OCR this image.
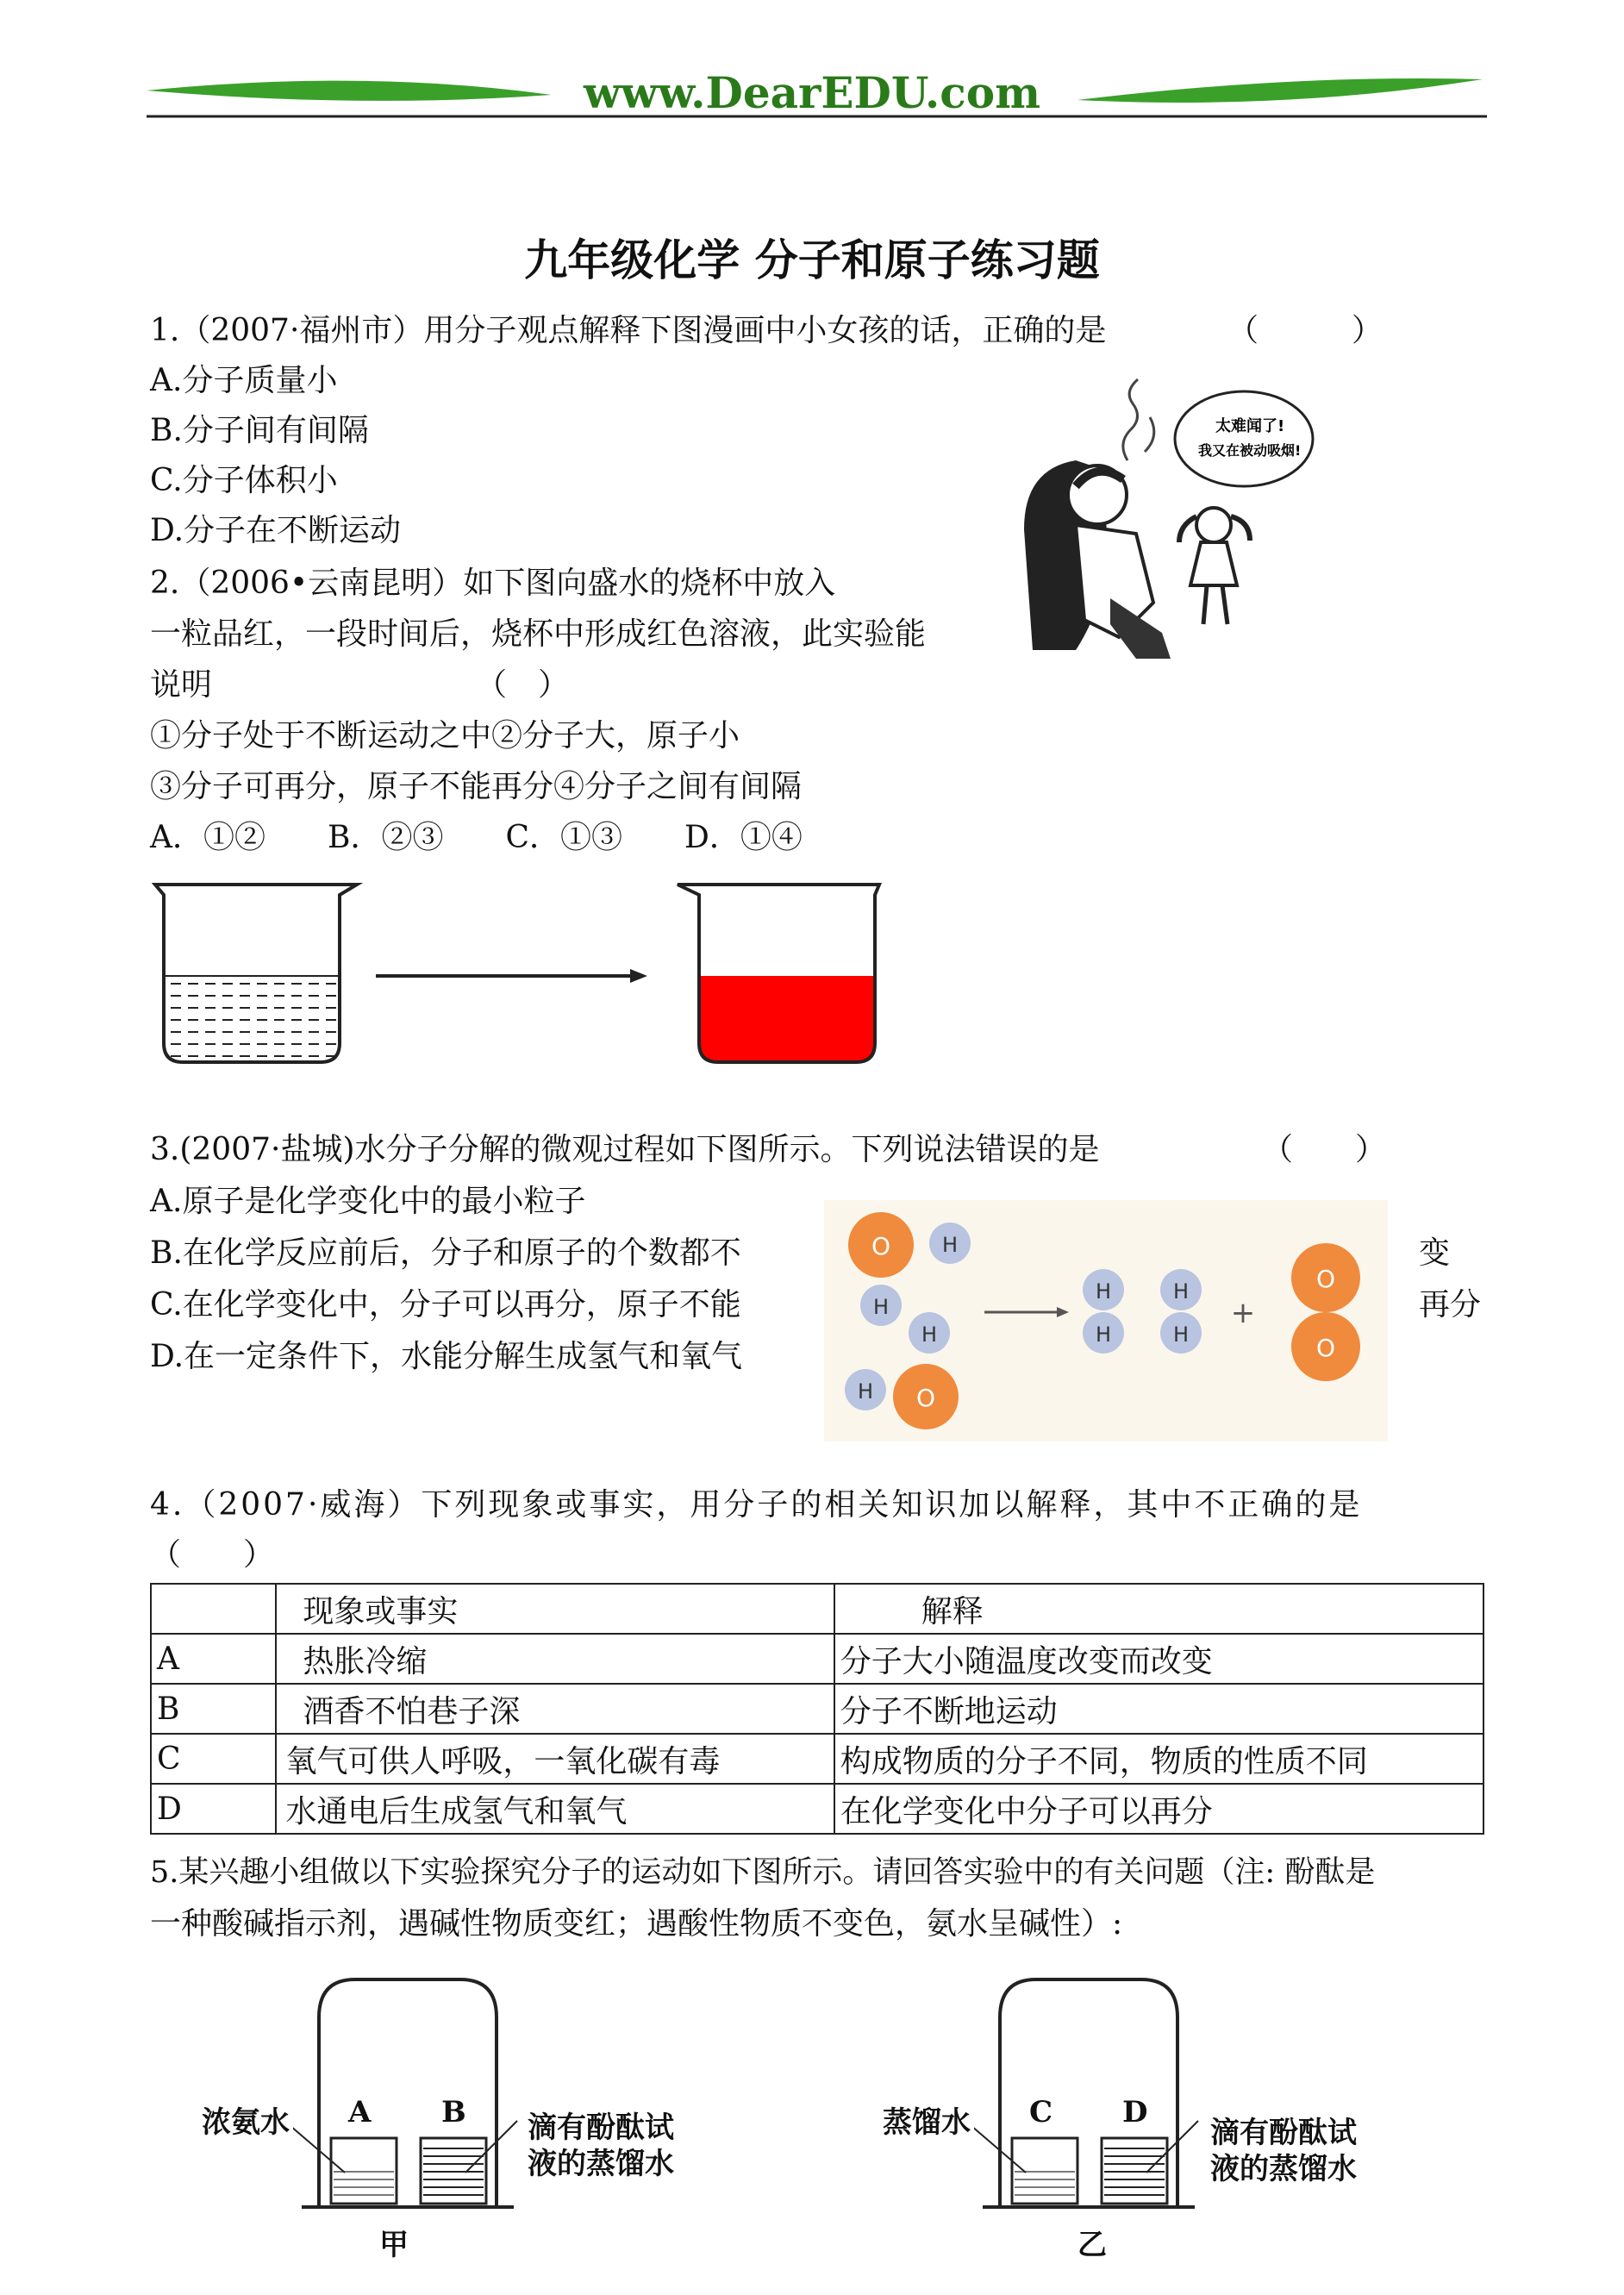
www.DearEDU.com
九年级化学 分子和原子练习题
1.（2007·福州市）用分子观点解释下图漫画中小女孩的话，正确的是	（　　　）
A.分子质量小
B.分子间有间隔
C.分子体积小
D.分子在不断运动
太难闻了!
我又在被动吸烟!
2.（2006•云南昆明）如下图向盛水的烧杯中放入
一粒品红，一段时间后，烧杯中形成红色溶液，此实验能
说明　　　　　　　　　（　）
①分子处于不断运动之中②分子大，原子小
③分子可再分，原子不能再分④分子之间有间隔
A．①②　　B．②③　　C．①③　　D．①④
3.(2007·盐城)水分子分解的微观过程如下图所示。下列说法错误的是	（　　）
A.原子是化学变化中的最小粒子
B.在化学反应前后，分子和原子的个数都不
C.在化学变化中，分子可以再分，原子不能
D.在一定条件下，水能分解生成氢气和氧气
变
再分
O H
H
H
H O
H
H
H
H
+
O
O
4.（2007·威海）下列现象或事实，用分子的相关知识加以解释，其中不正确的是
（　　）
	现象或事实	解释
A	热胀冷缩	分子大小随温度改变而改变
B	酒香不怕巷子深	分子不断地运动
C	氧气可供人呼吸，一氧化碳有毒	构成物质的分子不同，物质的性质不同
D	水通电后生成氢气和氧气	在化学变化中分子可以再分
5.某兴趣小组做以下实验探究分子的运动如下图所示。请回答实验中的有关问题（注: 酚酞是
一种酸碱指示剂，遇碱性物质变红；遇酸性物质不变色，氨水呈碱性）:
浓氨水 A B 滴有酚酞试
液的蒸馏水
甲
蒸馏水 C D
滴有酚酞试
液的蒸馏水
乙
